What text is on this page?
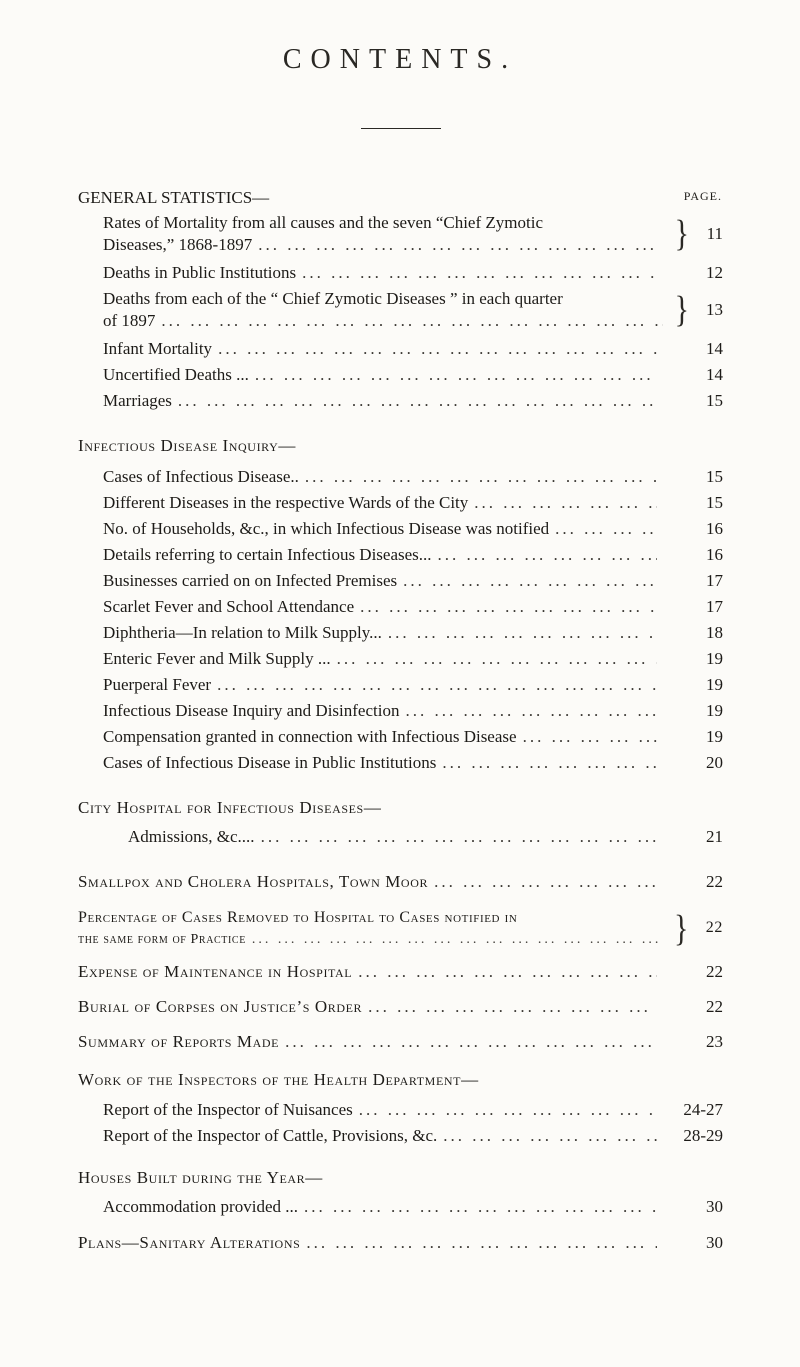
CONTENTS.
GENERAL STATISTICS—	PAGE.
Rates of Mortality from all causes and the seven “Chief Zymotic
Diseases,” 1868-1897 ... .	}	11
Deaths in Public Institutions ... .	12
Deaths from each of the “ Chief Zymotic Diseases ” in each quarter
of 1897 ... .	}	13
Infant Mortality ... .	14
Uncertified Deaths ... ... .	14
Marriages ... .	15
Infectious Disease Inquiry—
Cases of Infectious Disease.. ... .	15
Different Diseases in the respective Wards of the City ... .	15
No. of Households, &c., in which Infectious Disease was notified ... .	16
Details referring to certain Infectious Diseases... ... .	16
Businesses carried on on Infected Premises ... .	17
Scarlet Fever and School Attendance ... .	17
Diphtheria—In relation to Milk Supply... ... .	18
Enteric Fever and Milk Supply ... ... .	19
Puerperal Fever ... .	19
Infectious Disease Inquiry and Disinfection ... .	19
Compensation granted in connection with Infectious Disease ... .	19
Cases of Infectious Disease in Public Institutions ... .	20
City Hospital for Infectious Diseases—
Admissions, &c.... ... .	21
Smallpox and Cholera Hospitals, Town Moor ... .	22
Percentage of Cases Removed to Hospital to Cases notified in
the same form of Practice ... .	}	22
Expense of Maintenance in Hospital ... .	22
Burial of Corpses on Justice’s Order ... .	22
Summary of Reports Made ... .	23
Work of the Inspectors of the Health Department—
Report of the Inspector of Nuisances ... .	24-27
Report of the Inspector of Cattle, Provisions, &c. ... .	28-29
Houses Built during the Year—
Accommodation provided ... ... .	30
Plans—Sanitary Alterations ... .	30
